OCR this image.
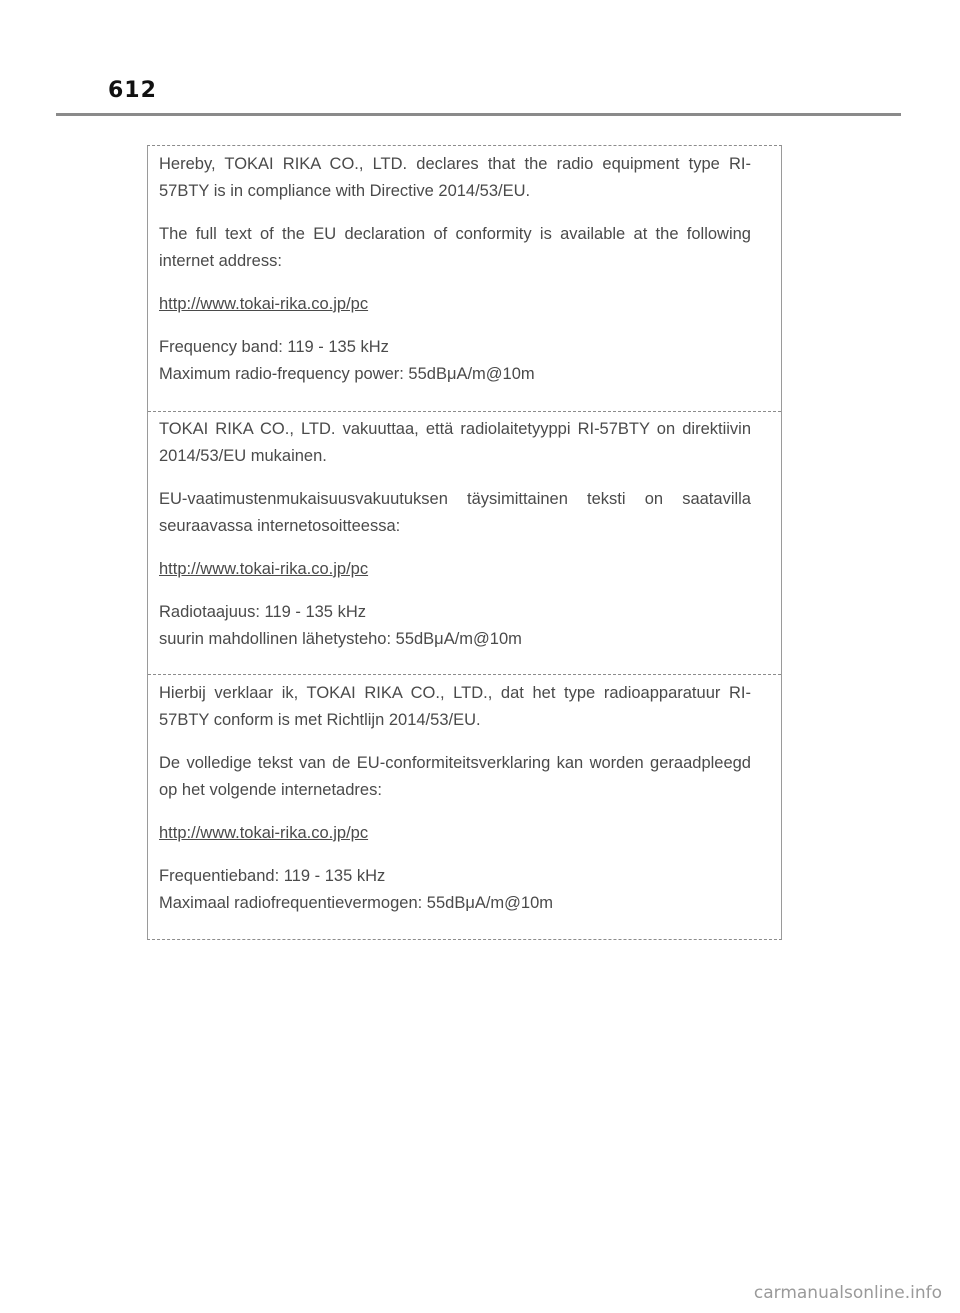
612

Hereby, TOKAI RIKA CO., LTD. declares that the radio equipment type RI-57BTY is in compliance with Directive 2014/53/EU.

The full text of the EU declaration of conformity is available at the following internet address:

http://www.tokai-rika.co.jp/pc

Frequency band: 119 - 135 kHz

Maximum radio-frequency power: 55dBμA/m@10m

TOKAI RIKA CO., LTD. vakuuttaa, että radiolaitetyyppi RI-57BTY on direktiivin 2014/53/EU mukainen.

EU-vaatimustenmukaisuusvakuutuksen täysimittainen teksti on saatavilla seuraavassa internetosoitteessa:

http://www.tokai-rika.co.jp/pc

Radiotaajuus: 119 - 135 kHz

suurin mahdollinen lähetysteho: 55dBμA/m@10m

Hierbij verklaar ik, TOKAI RIKA CO., LTD., dat het type radioapparatuur RI-57BTY conform is met Richtlijn 2014/53/EU.

De volledige tekst van de EU-conformiteitsverklaring kan worden geraadpleegd op het volgende internetadres:

http://www.tokai-rika.co.jp/pc

Frequentieband: 119 - 135 kHz

Maximaal radiofrequentievermogen: 55dBμA/m@10m

carmanualsonline.info
